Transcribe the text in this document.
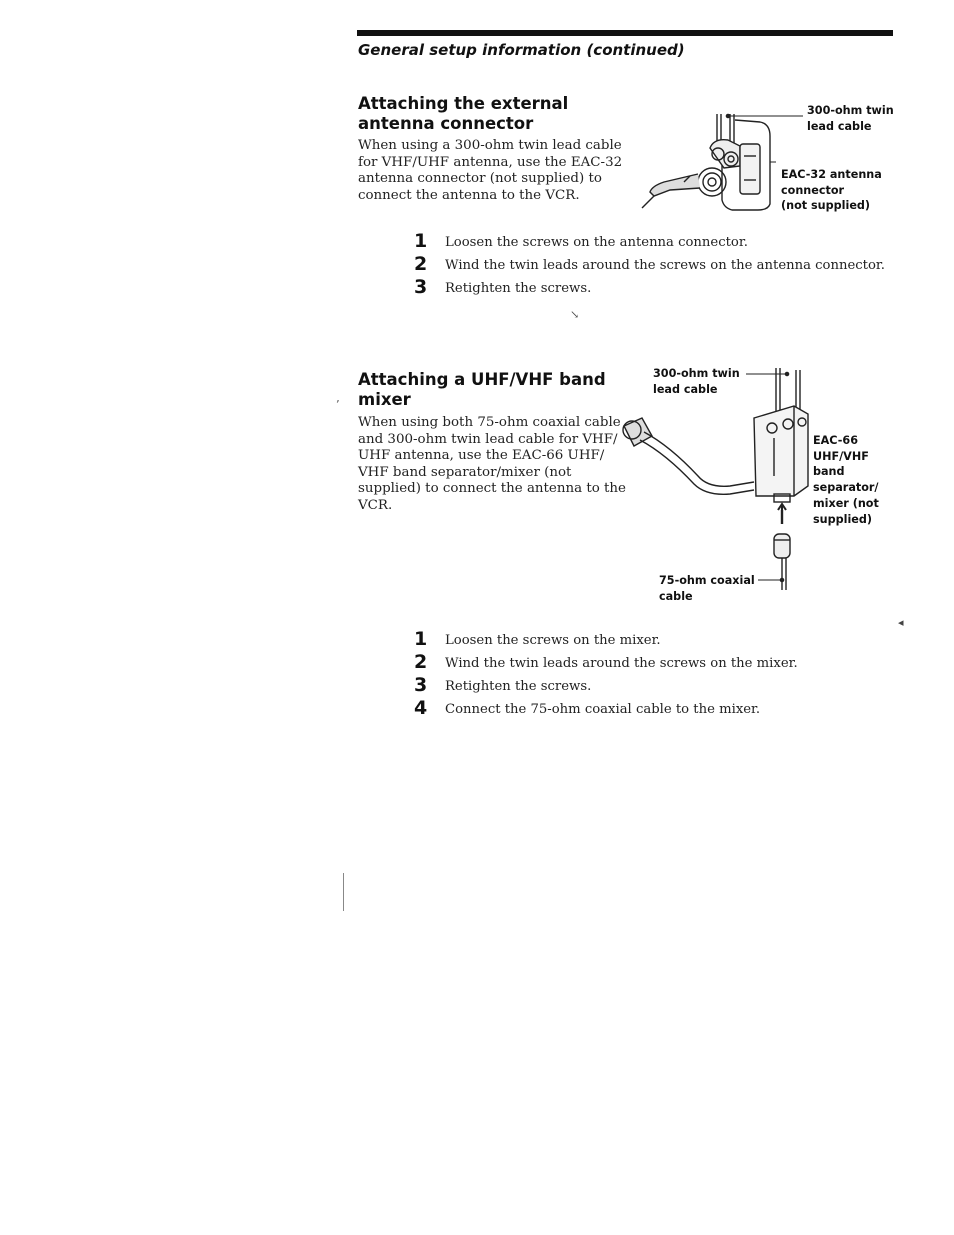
General setup information (continued)
Attaching the external
antenna connector
When using a 300-ohm twin lead cable
for VHF/UHF antenna, use the EAC-32
antenna connector (not supplied) to
connect the antenna to the VCR.
300-ohm twin
lead cable
EAC-32 antenna
connector
(not supplied)
1	Loosen the screws on the antenna connector.
2	Wind the twin leads around the screws on the antenna connector.
3	Retighten the screws.
↘
Attaching a UHF/VHF band
mixer
When using both 75-ohm coaxial cable
and 300-ohm twin lead cable for VHF/
UHF antenna, use the EAC-66 UHF/
VHF band separator/mixer (not
supplied) to connect the antenna to the
VCR.
300-ohm twin
lead cable
EAC-66
UHF/VHF
band
separator/
mixer (not
supplied)
75-ohm coaxial
cable
1	Loosen the screws on the mixer.
2	Wind the twin leads around the screws on the mixer.
3	Retighten the screws.
4	Connect the 75-ohm coaxial cable to the mixer.
’
◂
